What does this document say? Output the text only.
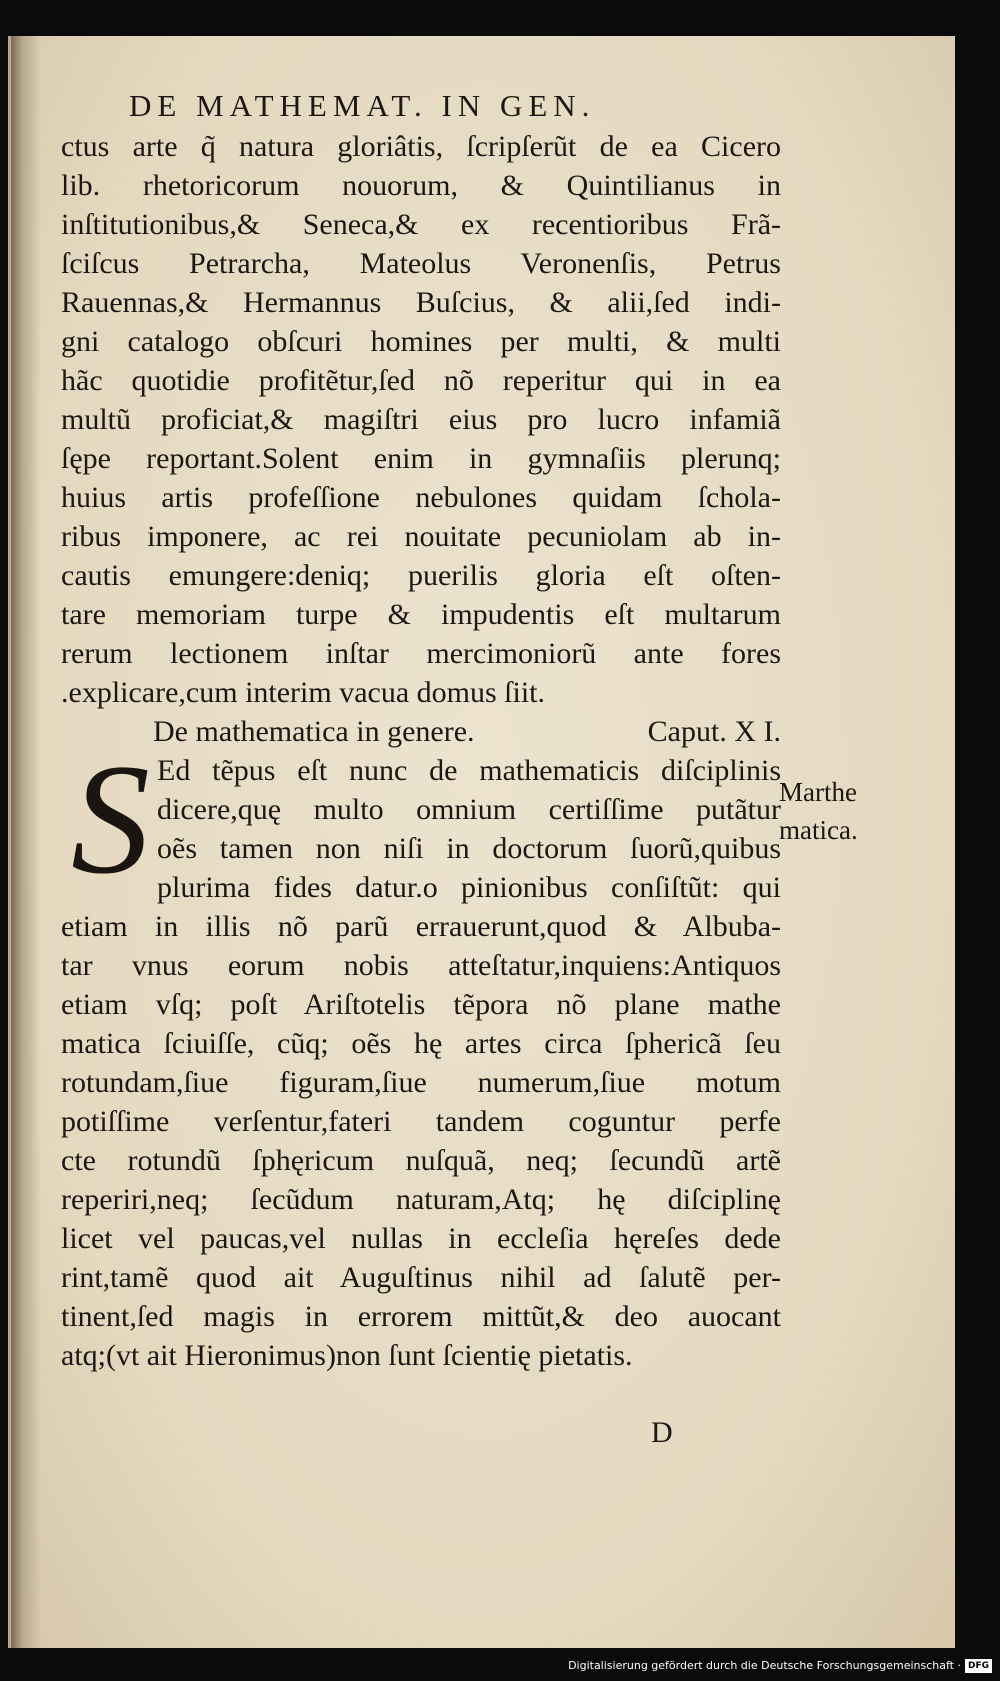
DE MATHEMAT. IN GEN.
ctus arte q̃ natura gloriâtis, ſcripſerũt de ea Cicero
lib. rhetoricorum nouorum, & Quintilianus in
inſtitutionibus,& Seneca,& ex recentioribus Frã-
ſciſcus Petrarcha, Mateolus Veronenſis, Petrus
Rauennas,& Hermannus Buſcius, & alii,ſed indi-
gni catalogo obſcuri homines per multi, & multi
hãc quotidie profitẽtur,ſed nõ reperitur qui in ea
multũ proficiat,& magiſtri eius pro lucro infamiã
ſępe reportant.Solent enim in gymnaſiis plerunq;
huius artis profeſſione nebulones quidam ſchola-
ribus imponere, ac rei nouitate pecuniolam ab in-
cautis emungere:deniq; puerilis gloria eſt oſten-
tare memoriam turpe & impudentis eſt multarum
rerum lectionem inſtar mercimoniorũ ante fores
.explicare,cum interim vacua domus ſiit.
De mathematica in genere.	Caput. X I.
S Ed tẽpus eſt nunc de mathematicis diſciplinis
dicere,quę multo omnium certiſſime putãtur
oẽs tamen non niſi in doctorum ſuorũ,quibus
plurima fides datur.o pinionibus conſiſtũt: qui
etiam in illis nõ parũ errauerunt,quod & Albuba-
tar vnus eorum nobis atteſtatur,inquiens:Antiquos
etiam vſq; poſt Ariſtotelis tẽpora nõ plane mathe
matica ſciuiſſe, cũq; oẽs hę artes circa ſphericã ſeu
rotundam,ſiue figuram,ſiue numerum,ſiue motum
potiſſime verſentur,fateri tandem coguntur perfe
cte rotundũ ſphęricum nuſquã, neq; ſecundũ artẽ
reperiri,neq; ſecũdum naturam,Atq; hę diſciplinę
licet vel paucas,vel nullas in eccleſia hęreſes dede
rint,tamẽ quod ait Auguſtinus nihil ad ſalutẽ per-
tinent,ſed magis in errorem mittũt,& deo auocant
atq;(vt ait Hieronimus)non ſunt ſcientię pietatis.
Marthe
matica.
D
Digitalisierung gefördert durch die Deutsche Forschungsgemeinschaft · DFG
